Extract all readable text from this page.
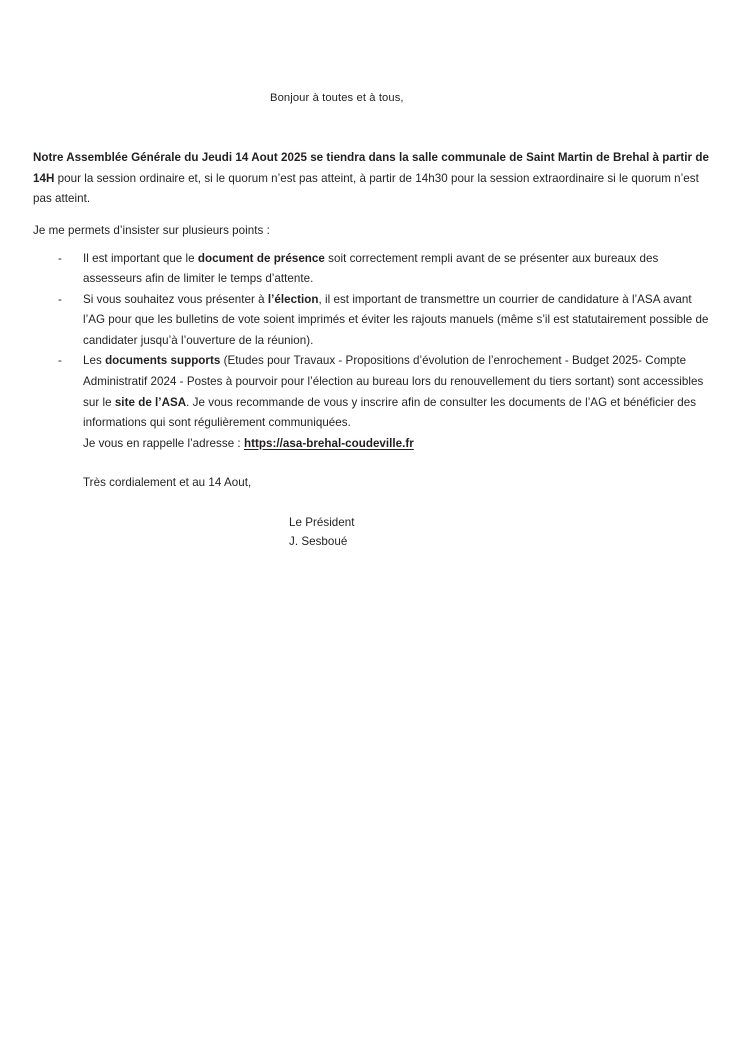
Bonjour à toutes et à tous,

Notre Assemblée Générale du Jeudi 14 Aout 2025 se tiendra dans la salle communale de Saint Martin de Brehal à partir de 14H pour la session ordinaire et, si le quorum n’est pas atteint, à partir de 14h30 pour la session extraordinaire si le quorum n’est pas atteint.

Je me permets d’insister sur plusieurs points :

- Il est important que le document de présence soit correctement rempli avant de se présenter aux bureaux des assesseurs afin de limiter le temps d’attente.
- Si vous souhaitez vous présenter à l’élection, il est important de transmettre un courrier de candidature à l’ASA avant l’AG pour que les bulletins de vote soient imprimés et éviter les rajouts manuels (même s’il est statutairement possible de candidater jusqu’à l’ouverture de la réunion).
- Les documents supports (Etudes pour Travaux - Propositions d’évolution de l’enrochement - Budget 2025- Compte Administratif 2024 - Postes à pourvoir pour l’élection au bureau lors du renouvellement du tiers sortant) sont accessibles sur le site de l’ASA. Je vous recommande de vous y inscrire afin de consulter les documents de l’AG et bénéficier des informations qui sont régulièrement communiquées.
Je vous en rappelle l’adresse : https://asa-brehal-coudeville.fr

Très cordialement et au 14 Aout,

Le Président
J. Sesboué
